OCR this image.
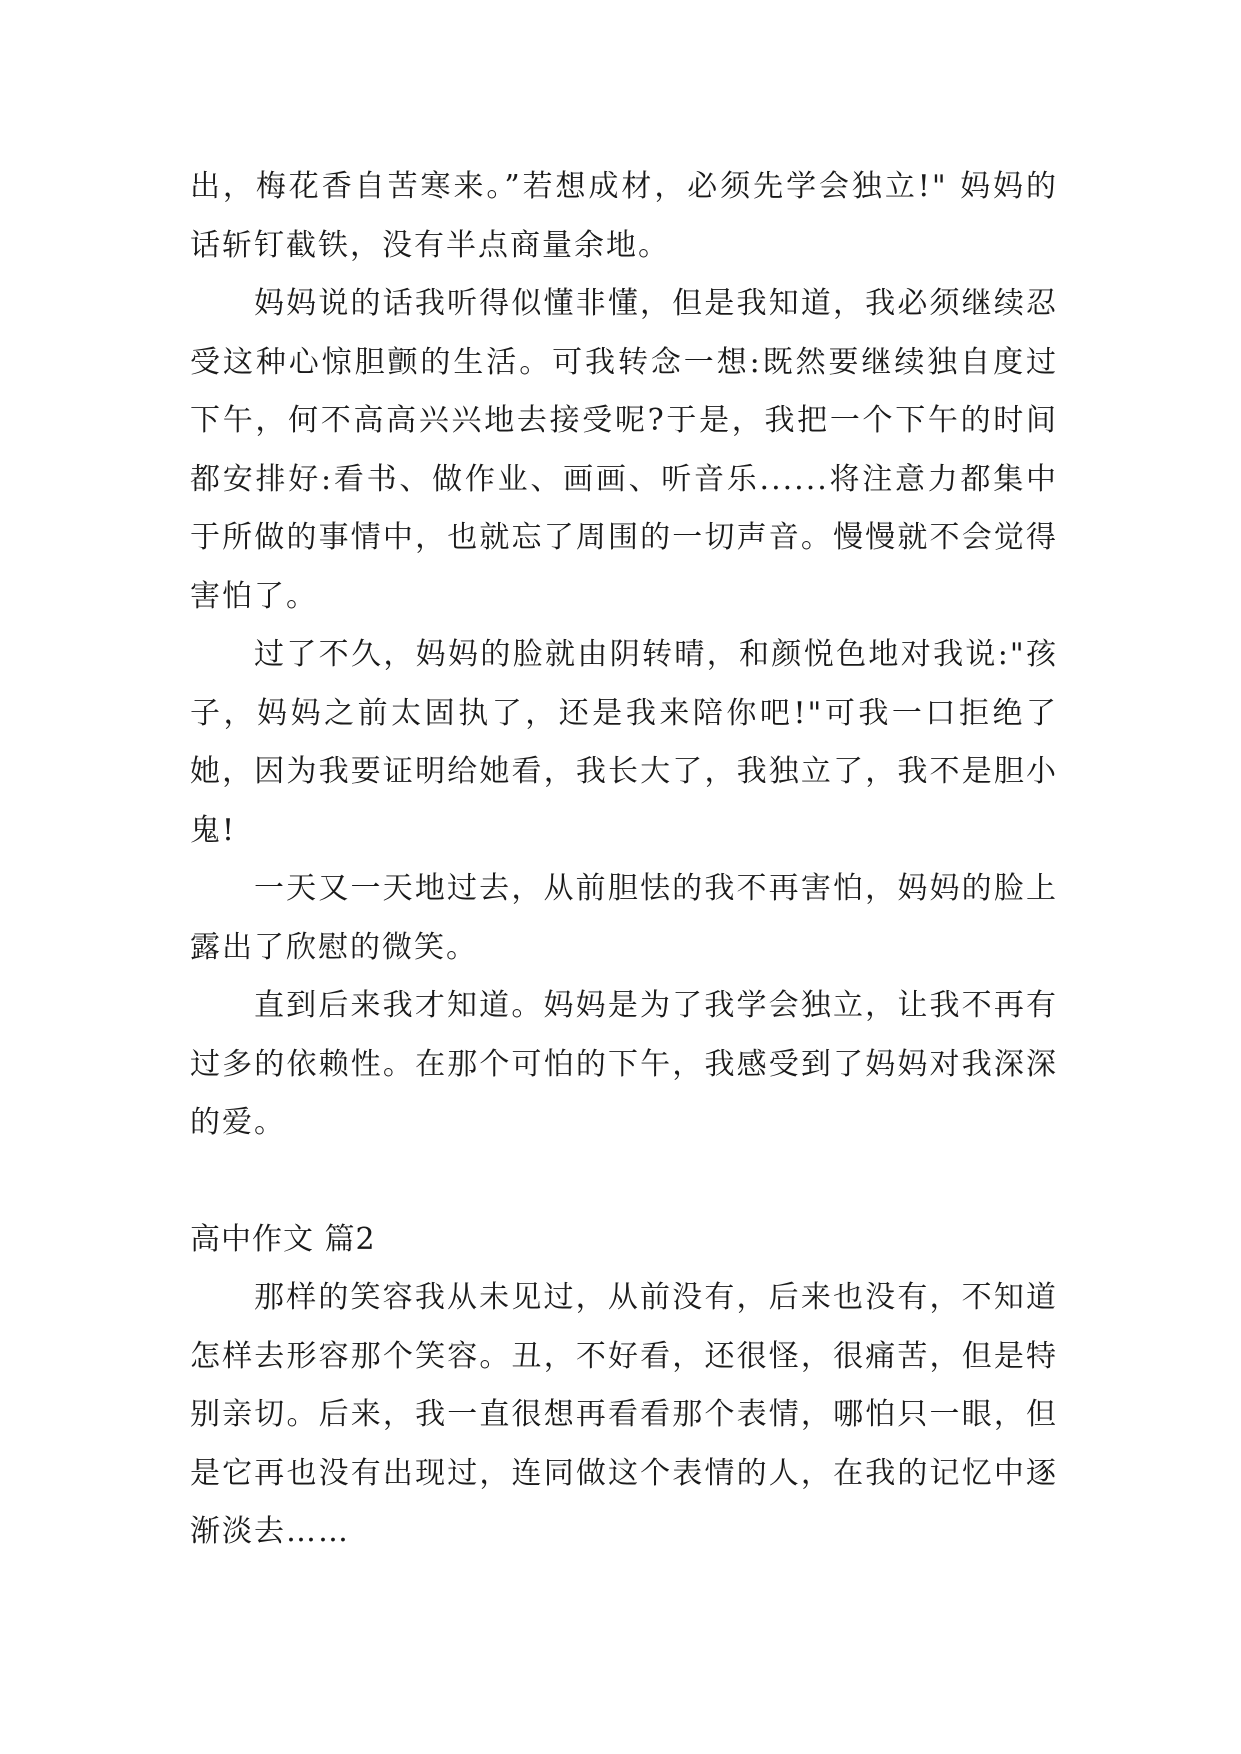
出，梅花香自苦寒来。”若想成材，必须先学会独立!" 妈妈的话斩钉截铁，没有半点商量余地。

妈妈说的话我听得似懂非懂，但是我知道，我必须继续忍受这种心惊胆颤的生活。可我转念一想:既然要继续独自度过下午，何不高高兴兴地去接受呢?于是，我把一个下午的时间都安排好:看书、做作业、画画、听音乐......将注意力都集中于所做的事情中，也就忘了周围的一切声音。慢慢就不会觉得害怕了。

过了不久，妈妈的脸就由阴转晴，和颜悦色地对我说:"孩子，妈妈之前太固执了，还是我来陪你吧!"可我一口拒绝了她，因为我要证明给她看，我长大了，我独立了，我不是胆小鬼!

一天又一天地过去，从前胆怯的我不再害怕，妈妈的脸上露出了欣慰的微笑。

直到后来我才知道。妈妈是为了我学会独立，让我不再有过多的依赖性。在那个可怕的下午，我感受到了妈妈对我深深的爱。

高中作文 篇2

那样的笑容我从未见过，从前没有，后来也没有，不知道怎样去形容那个笑容。丑，不好看，还很怪，很痛苦，但是特别亲切。后来，我一直很想再看看那个表情，哪怕只一眼，但是它再也没有出现过，连同做这个表情的人，在我的记忆中逐渐淡去……
